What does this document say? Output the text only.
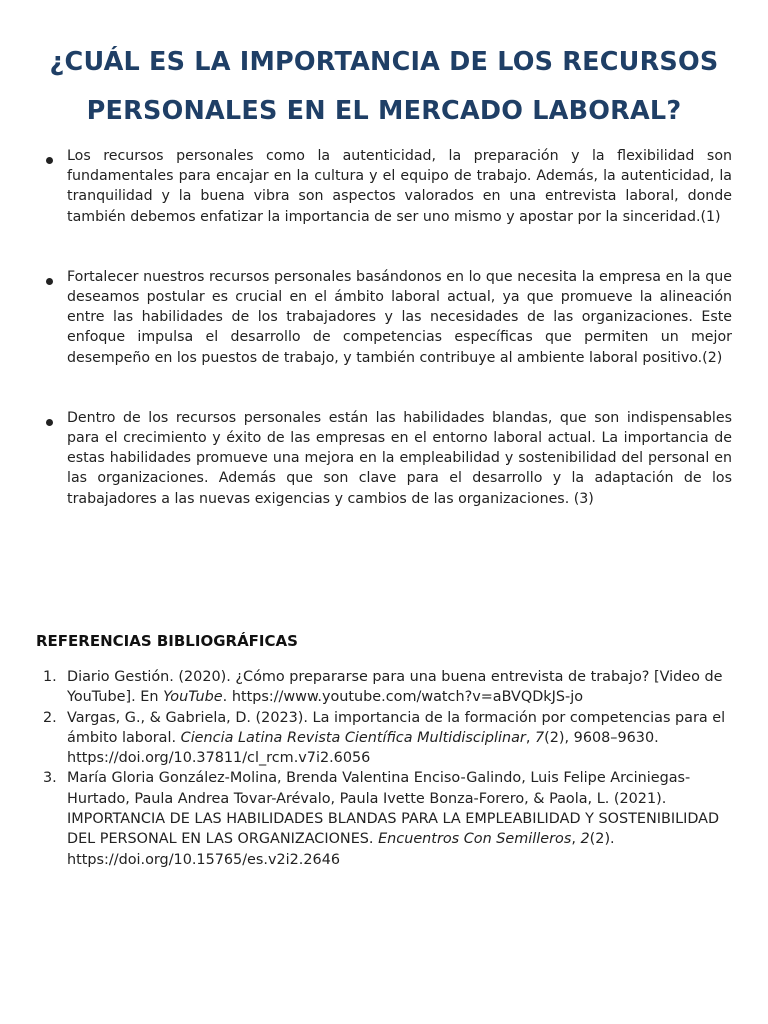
¿CUÁL ES LA IMPORTANCIA DE LOS RECURSOS PERSONALES EN EL MERCADO LABORAL?
Los recursos personales como la autenticidad, la preparación y la flexibilidad son fundamentales para encajar en la cultura y el equipo de trabajo. Además, la autenticidad, la tranquilidad y la buena vibra son aspectos valorados en una entrevista laboral, donde también debemos enfatizar la importancia de ser uno mismo y apostar por la sinceridad.(1)
Fortalecer nuestros recursos personales basándonos en lo que necesita la empresa en la que deseamos postular es crucial en el ámbito laboral actual, ya que promueve la alineación entre las habilidades de los trabajadores y las necesidades de las organizaciones. Este enfoque impulsa el desarrollo de competencias específicas que permiten un mejor desempeño en los puestos de trabajo, y también contribuye al ambiente laboral positivo.(2)
Dentro de los recursos personales están las habilidades blandas, que son indispensables para el crecimiento y éxito de las empresas en el entorno laboral actual. La importancia de estas habilidades promueve una mejora en la empleabilidad y sostenibilidad del personal en las organizaciones. Además que son clave para el desarrollo y la adaptación de los trabajadores a las nuevas exigencias y cambios de las organizaciones. (3)
REFERENCIAS BIBLIOGRÁFICAS
1. Diario Gestión. (2020). ¿Cómo prepararse para una buena entrevista de trabajo? [Video de YouTube]. En YouTube. https://www.youtube.com/watch?v=aBVQDkJS-jo
2. Vargas, G., & Gabriela, D. (2023). La importancia de la formación por competencias para el ámbito laboral. Ciencia Latina Revista Científica Multidisciplinar, 7(2), 9608–9630. https://doi.org/10.37811/cl_rcm.v7i2.6056
3. María Gloria González-Molina, Brenda Valentina Enciso-Galindo, Luis Felipe Arciniegas-Hurtado, Paula Andrea Tovar-Arévalo, Paula Ivette Bonza-Forero, & Paola, L. (2021). IMPORTANCIA DE LAS HABILIDADES BLANDAS PARA LA EMPLEABILIDAD Y SOSTENIBILIDAD DEL PERSONAL EN LAS ORGANIZACIONES. Encuentros Con Semilleros, 2(2). https://doi.org/10.15765/es.v2i2.2646
